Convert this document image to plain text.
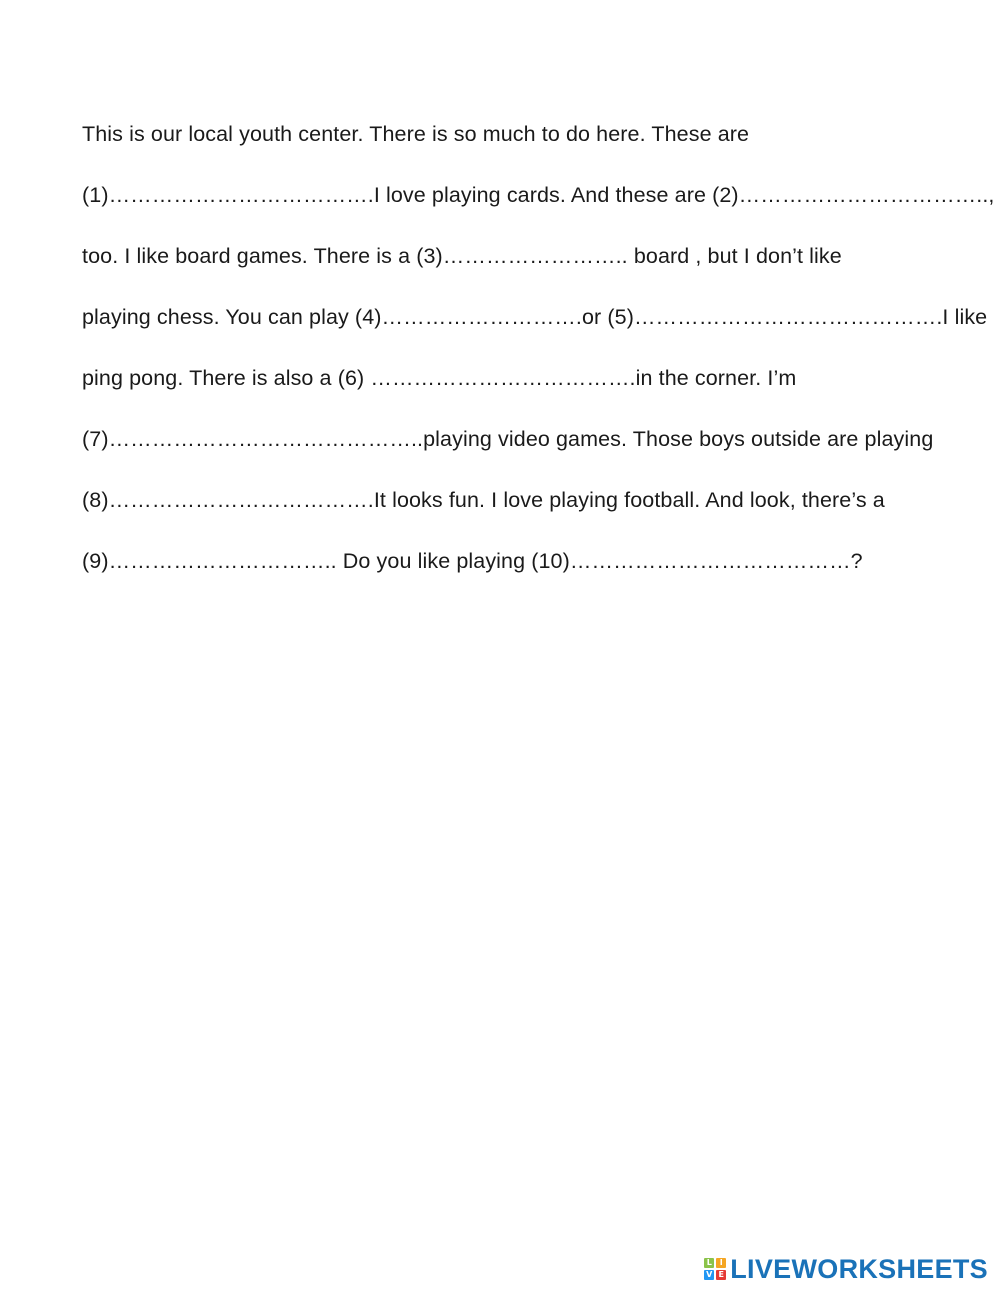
This is our local youth center. There is so much to do here. These are
(1)……………………………….I love playing cards. And these are (2)……………………………..,
too. I like board games. There is a (3)…………………….. board , but I don’t like
playing chess. You can play (4)……………………….or (5)…………………………………….I like
ping pong. There is also a (6) ……………………………….in the corner. I’m
(7)……………………………………..playing video games. Those boys outside are playing
(8)……………………………….It looks fun. I love playing football. And look, there’s a
(9)………………………….. Do you like playing (10)…………………………………?
L I
V E LIVEWORKSHEETS
